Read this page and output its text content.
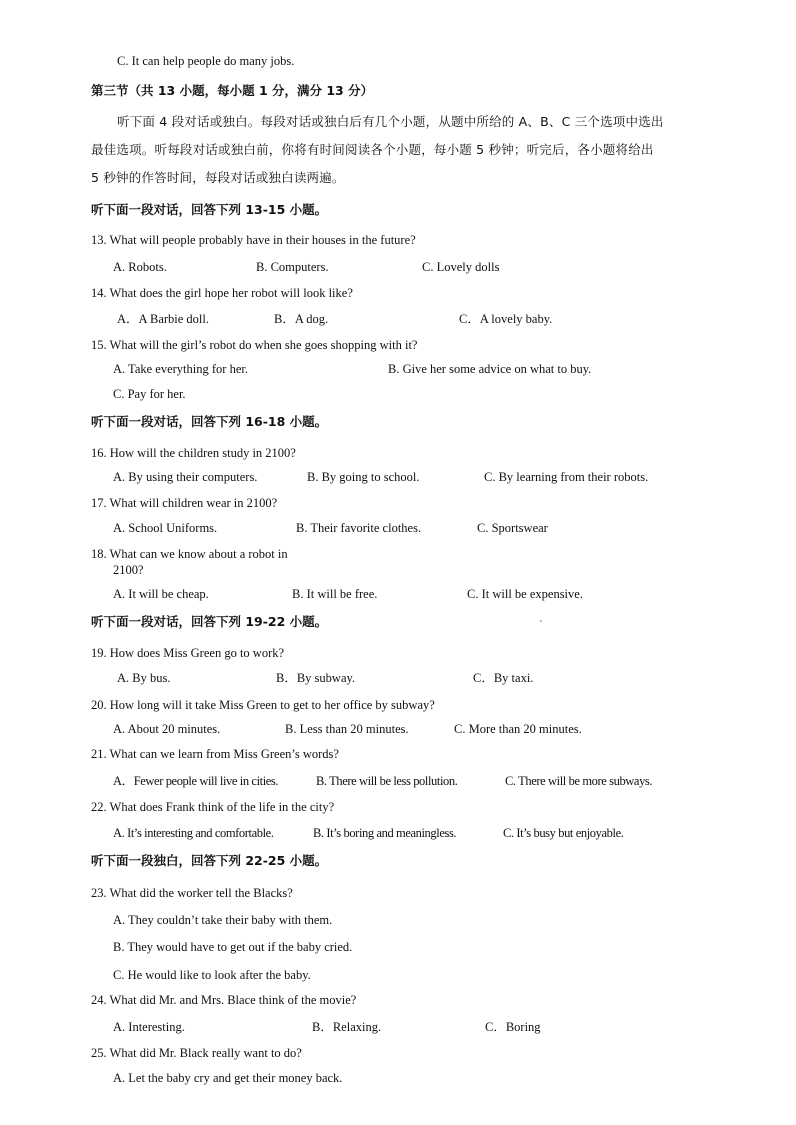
C. It can help people do many jobs.
第三节（共 13 小题，每小题 1 分，满分 13 分）
听下面 4 段对话或独白。每段对话或独白后有几个小题，从题中所给的 A、B、C 三个选项中选出
最佳选项。听每段对话或独白前，你将有时间阅读各个小题，每小题 5 秒钟；听完后，各小题将给出
5 秒钟的作答时间，每段对话或独白读两遍。
听下面一段对话，回答下列 13-15 小题。
13. What will people probably have in their houses in the future?
A. Robots.	B. Computers.	C. Lovely dolls
14. What does the girl hope her robot will look like?
A．A Barbie doll.	B．A dog.	C．A lovely baby.
15. What will the girl’s robot do when she goes shopping with it?
A. Take everything for her.	B. Give her some advice on what to buy.
C. Pay for her.
听下面一段对话，回答下列 16-18 小题。
16. How will the children study in 2100?
A. By using their computers.	B. By going to school.	C. By learning from their robots.
17. What will children wear in 2100?
A. School Uniforms.	B. Their favorite clothes.	C. Sportswear
18. What can we know about a robot in
2100?
A. It will be cheap.	B. It will be free.	C. It will be expensive.
听下面一段对话，回答下列 19-22 小题。
19. How does Miss Green go to work?
A. By bus.	B．By subway.	C．By taxi.
20. How long will it take Miss Green to get to her office by subway?
A. About 20 minutes.	B. Less than 20 minutes.	C. More than 20 minutes.
21. What can we learn from Miss Green’s words?
A．Fewer people will live in cities.	B. There will be less pollution.	C. There will be more subways.
22. What does Frank think of the life in the city?
A. It’s interesting and comfortable.	B. It’s boring and meaningless.	C. It’s busy but enjoyable.
听下面一段独白，回答下列 22-25 小题。
23. What did the worker tell the Blacks?
A. They couldn’t take their baby with them.
B. They would have to get out if the baby cried.
C. He would like to look after the baby.
24. What did Mr. and Mrs. Blace think of the movie?
A. Interesting.	B．Relaxing.	C．Boring
25. What did Mr. Black really want to do?
A. Let the baby cry and get their money back.
